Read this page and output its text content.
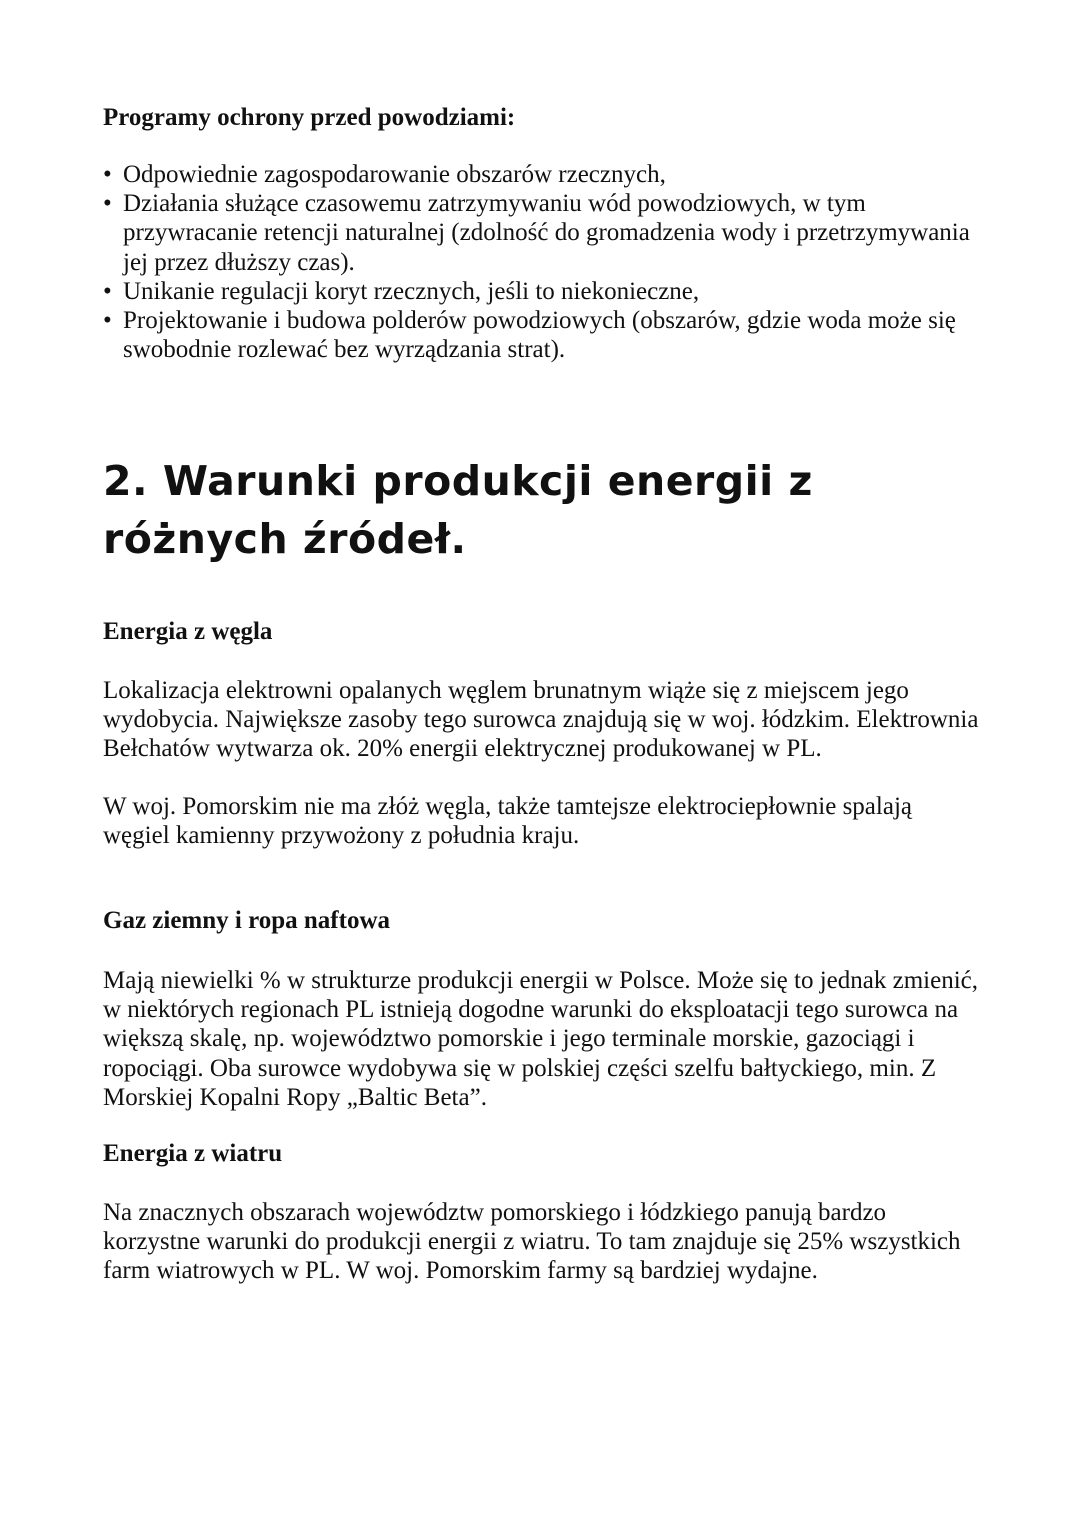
Programy ochrony przed powodziami:
• Odpowiednie zagospodarowanie obszarów rzecznych,
• Działania służące czasowemu zatrzymywaniu wód powodziowych, w tym przywracanie retencji naturalnej (zdolność do gromadzenia wody i przetrzymywania jej przez dłuższy czas).
• Unikanie regulacji koryt rzecznych, jeśli to niekonieczne,
• Projektowanie i budowa polderów powodziowych (obszarów, gdzie woda może się swobodnie rozlewać bez wyrządzania strat).
2. Warunki produkcji energii z różnych źródeł.
Energia z węgla

Lokalizacja elektrowni opalanych węglem brunatnym wiąże się z miejscem jego wydobycia. Największe zasoby tego surowca znajdują się w woj. łódzkim. Elektrownia Bełchatów wytwarza ok. 20% energii elektrycznej produkowanej w PL.

W woj. Pomorskim nie ma złóż węgla, także tamtejsze elektrociepłownie spalają węgiel kamienny przywożony z południa kraju.

Gaz ziemny i ropa naftowa

Mają niewielki % w strukturze produkcji energii w Polsce. Może się to jednak zmienić, w niektórych regionach PL istnieją dogodne warunki do eksploatacji tego surowca na większą skalę, np. województwo pomorskie i jego terminale morskie, gazociągi i ropociągi. Oba surowce wydobywa się w polskiej części szelfu bałtyckiego, min. Z Morskiej Kopalni Ropy „Baltic Beta”.

Energia z wiatru

Na znacznych obszarach województw pomorskiego i łódzkiego panują bardzo korzystne warunki do produkcji energii z wiatru. To tam znajduje się 25% wszystkich farm wiatrowych w PL. W woj. Pomorskim farmy są bardziej wydajne.
